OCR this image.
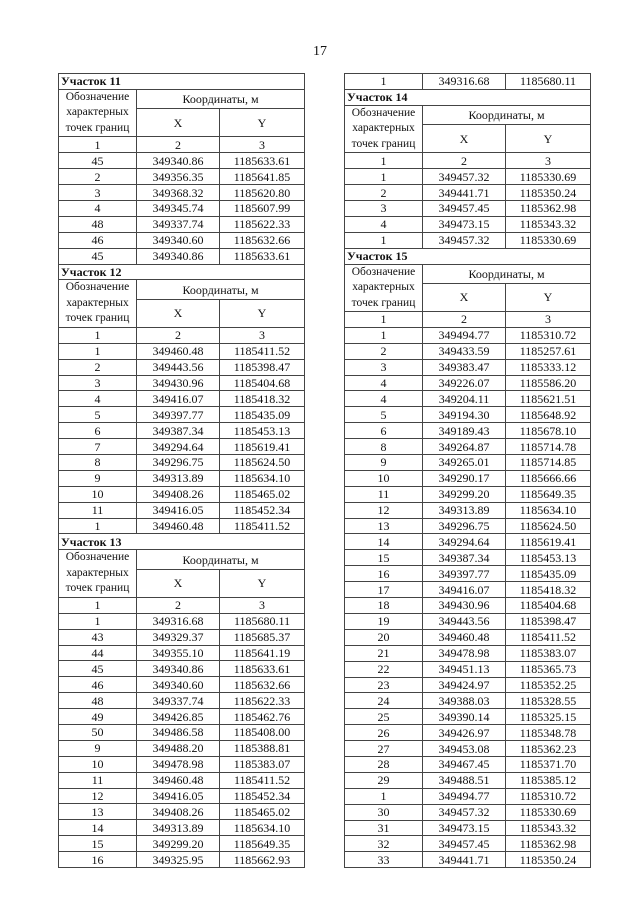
17
Участок 11		
Обозначение характерных точек границ	Координаты, м	
	X	Y
1	2	3
45	349340.86	1185633.61
2	349356.35	1185641.85
3	349368.32	1185620.80
4	349345.74	1185607.99
48	349337.74	1185622.33
46	349340.60	1185632.66
45	349340.86	1185633.61
Участок 12		
Обозначение характерных точек границ	Координаты, м	
	X	Y
1	2	3
1	349460.48	1185411.52
2	349443.56	1185398.47
3	349430.96	1185404.68
4	349416.07	1185418.32
5	349397.77	1185435.09
6	349387.34	1185453.13
7	349294.64	1185619.41
8	349296.75	1185624.50
9	349313.89	1185634.10
10	349408.26	1185465.02
11	349416.05	1185452.34
1	349460.48	1185411.52
Участок 13		
Обозначение характерных точек границ	Координаты, м	
	X	Y
1	2	3
1	349316.68	1185680.11
43	349329.37	1185685.37
44	349355.10	1185641.19
45	349340.86	1185633.61
46	349340.60	1185632.66
48	349337.74	1185622.33
49	349426.85	1185462.76
50	349486.58	1185408.00
9	349488.20	1185388.81
10	349478.98	1185383.07
11	349460.48	1185411.52
12	349416.05	1185452.34
13	349408.26	1185465.02
14	349313.89	1185634.10
15	349299.20	1185649.35
16	349325.95	1185662.93
1	349316.68	1185680.11
Участок 14		
Обозначение характерных точек границ	Координаты, м	
	X	Y
1	2	3
1	349457.32	1185330.69
2	349441.71	1185350.24
3	349457.45	1185362.98
4	349473.15	1185343.32
1	349457.32	1185330.69
Участок 15		
Обозначение характерных точек границ	Координаты, м	
	X	Y
1	2	3
1	349494.77	1185310.72
2	349433.59	1185257.61
3	349383.47	1185333.12
4	349226.07	1185586.20
4	349204.11	1185621.51
5	349194.30	1185648.92
6	349189.43	1185678.10
8	349264.87	1185714.78
9	349265.01	1185714.85
10	349290.17	1185666.66
11	349299.20	1185649.35
12	349313.89	1185634.10
13	349296.75	1185624.50
14	349294.64	1185619.41
15	349387.34	1185453.13
16	349397.77	1185435.09
17	349416.07	1185418.32
18	349430.96	1185404.68
19	349443.56	1185398.47
20	349460.48	1185411.52
21	349478.98	1185383.07
22	349451.13	1185365.73
23	349424.97	1185352.25
24	349388.03	1185328.55
25	349390.14	1185325.15
26	349426.97	1185348.78
27	349453.08	1185362.23
28	349467.45	1185371.70
29	349488.51	1185385.12
1	349494.77	1185310.72
30	349457.32	1185330.69
31	349473.15	1185343.32
32	349457.45	1185362.98
33	349441.71	1185350.24
